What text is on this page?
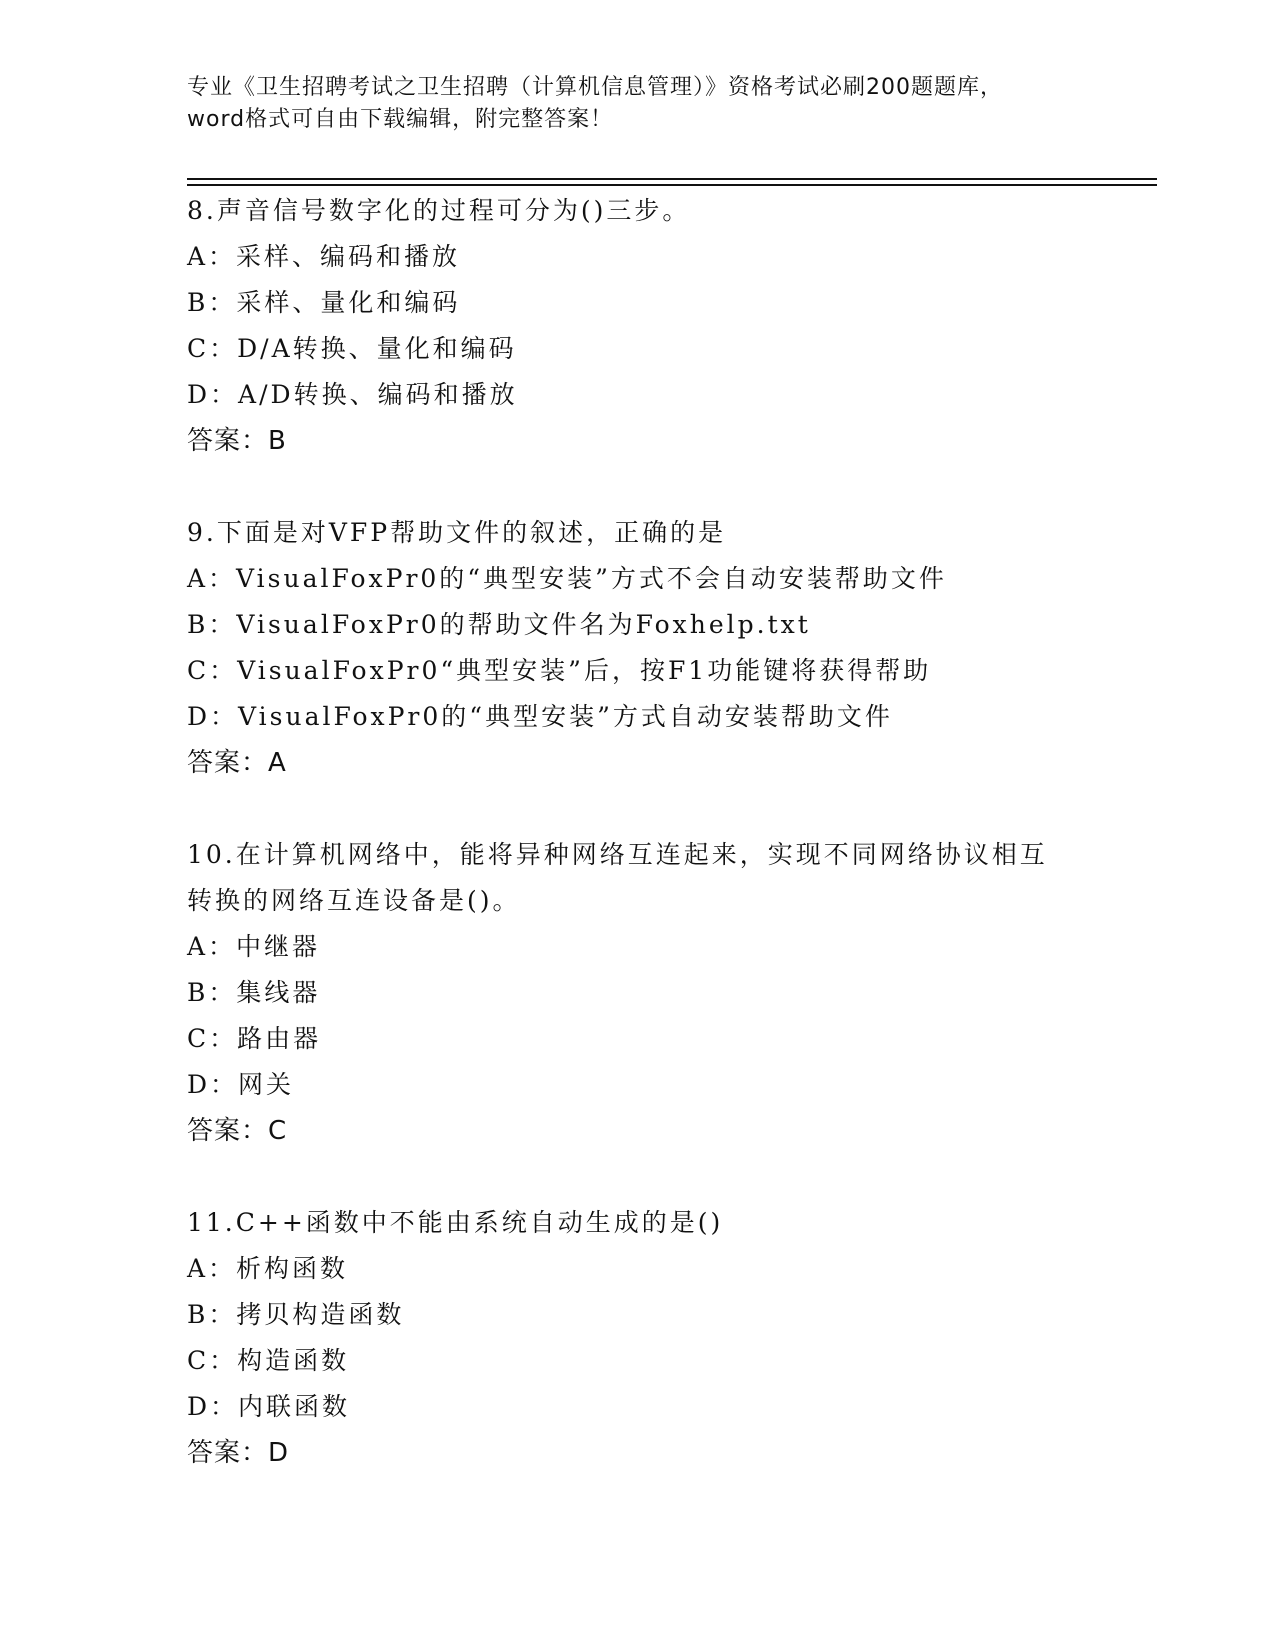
专业《卫生招聘考试之卫生招聘（计算机信息管理）》资格考试必刷200题题库，
word格式可自由下载编辑，附完整答案！
8.声音信号数字化的过程可分为()三步。
A：采样、编码和播放
B：采样、量化和编码
C：D/A转换、量化和编码
D：A/D转换、编码和播放
答案：B
9.下面是对VFP帮助文件的叙述，正确的是
A：VisualFoxPr0的“典型安装”方式不会自动安装帮助文件
B：VisualFoxPr0的帮助文件名为Foxhelp.txt
C：VisualFoxPr0“典型安装”后，按F1功能键将获得帮助
D：VisualFoxPr0的“典型安装”方式自动安装帮助文件
答案：A
10.在计算机网络中，能将异种网络互连起来，实现不同网络协议相互
转换的网络互连设备是()。
A：中继器
B：集线器
C：路由器
D：网关
答案：C
11.C++函数中不能由系统自动生成的是()
A：析构函数
B：拷贝构造函数
C：构造函数
D：内联函数
答案：D
